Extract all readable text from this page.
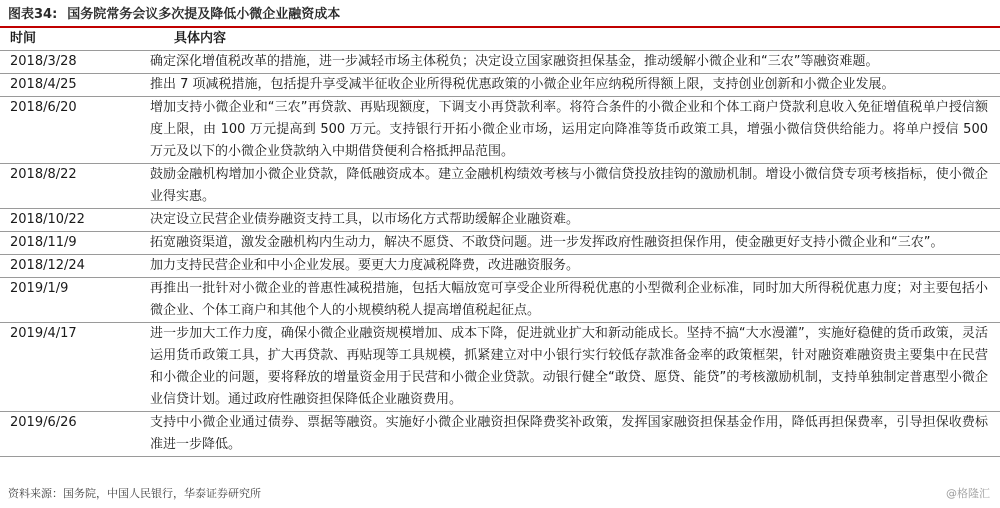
图表34: 国务院常务会议多次提及降低小微企业融资成本
时间	具体内容
2018/3/28	确定深化增值税改革的措施，进一步减轻市场主体税负；决定设立国家融资担保基金，推动缓解小微企业和“三农”等融资难题。
2018/4/25	推出 7 项减税措施，包括提升享受减半征收企业所得税优惠政策的小微企业年应纳税所得额上限，支持创业创新和小微企业发展。
2018/6/20	增加支持小微企业和“三农”再贷款、再贴现额度，下调支小再贷款利率。将符合条件的小微企业和个体工商户贷款利息收入免征增值税单户授信额度上限，由 100 万元提高到 500 万元。支持银行开拓小微企业市场，运用定向降准等货币政策工具，增强小微信贷供给能力。将单户授信 500 万元及以下的小微企业贷款纳入中期借贷便利合格抵押品范围。
2018/8/22	鼓励金融机构增加小微企业贷款，降低融资成本。建立金融机构绩效考核与小微信贷投放挂钩的激励机制。增设小微信贷专项考核指标，使小微企业得实惠。
2018/10/22	决定设立民营企业债券融资支持工具，以市场化方式帮助缓解企业融资难。
2018/11/9	拓宽融资渠道，激发金融机构内生动力，解决不愿贷、不敢贷问题。进一步发挥政府性融资担保作用，使金融更好支持小微企业和“三农”。
2018/12/24	加力支持民营企业和中小企业发展。要更大力度减税降费，改进融资服务。
2019/1/9	再推出一批针对小微企业的普惠性减税措施，包括大幅放宽可享受企业所得税优惠的小型微利企业标准，同时加大所得税优惠力度；对主要包括小微企业、个体工商户和其他个人的小规模纳税人提高增值税起征点。
2019/4/17	进一步加大工作力度，确保小微企业融资规模增加、成本下降，促进就业扩大和新动能成长。坚持不搞“大水漫灌”，实施好稳健的货币政策，灵活运用货币政策工具，扩大再贷款、再贴现等工具规模，抓紧建立对中小银行实行较低存款准备金率的政策框架，针对融资难融资贵主要集中在民营和小微企业的问题，要将释放的增量资金用于民营和小微企业贷款。动银行健全“敢贷、愿贷、能贷”的考核激励机制，支持单独制定普惠型小微企业信贷计划。通过政府性融资担保降低企业融资费用。
2019/6/26	支持中小微企业通过债券、票据等融资。实施好小微企业融资担保降费奖补政策，发挥国家融资担保基金作用，降低再担保费率，引导担保收费标准进一步降低。
资料来源：国务院，中国人民银行，华泰证券研究所	@格隆汇
